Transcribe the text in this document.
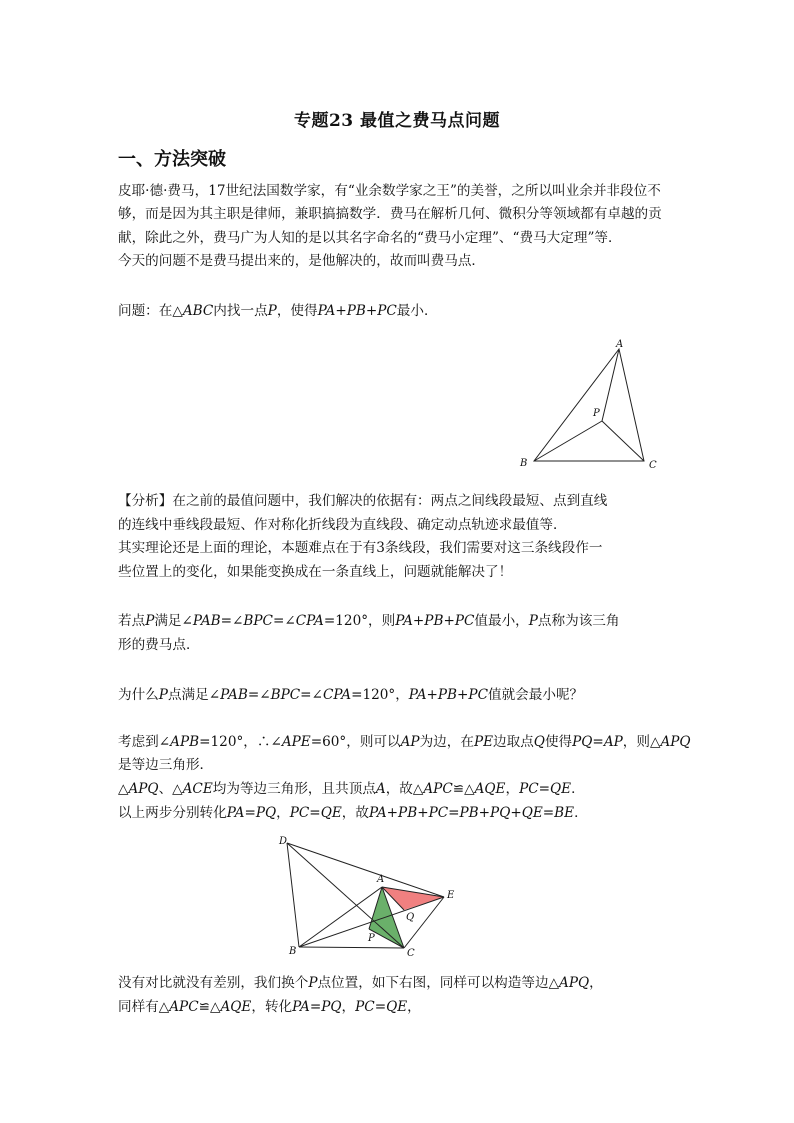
专题23 最值之费马点问题
一、方法突破
皮耶·德·费马，17世纪法国数学家，有“业余数学家之王”的美誉，之所以叫业余并非段位不
够，而是因为其主职是律师，兼职搞搞数学．费马在解析几何、微积分等领域都有卓越的贡
献，除此之外，费马广为人知的是以其名字命名的“费马小定理”、“费马大定理”等．
今天的问题不是费马提出来的，是他解决的，故而叫费马点．
问题：在△ABC内找一点P，使得PA+PB+PC最小．
A
B	C
P
【分析】在之前的最值问题中，我们解决的依据有：两点之间线段最短、点到直线
的连线中垂线段最短、作对称化折线段为直线段、确定动点轨迹求最值等．
其实理论还是上面的理论，本题难点在于有3条线段，我们需要对这三条线段作一
些位置上的变化，如果能变换成在一条直线上，问题就能解决了！
若点P满足∠PAB=∠BPC=∠CPA=120°，则PA+PB+PC值最小，P点称为该三角
形的费马点．
为什么P点满足∠PAB=∠BPC=∠CPA=120°，PA+PB+PC值就会最小呢？
考虑到∠APB=120°，∴∠APE=60°，则可以AP为边，在PE边取点Q使得PQ=AP，则△APQ
是等边三角形．
△APQ、△ACE均为等边三角形，且共顶点A，故△APC≌△AQE，PC=QE．
以上两步分别转化PA=PQ，PC=QE，故PA+PB+PC=PB+PQ+QE=BE．
D
A
E
Q
P
B	C
没有对比就没有差别，我们换个P点位置，如下右图，同样可以构造等边△APQ，
同样有△APC≌△AQE，转化PA=PQ，PC=QE，
